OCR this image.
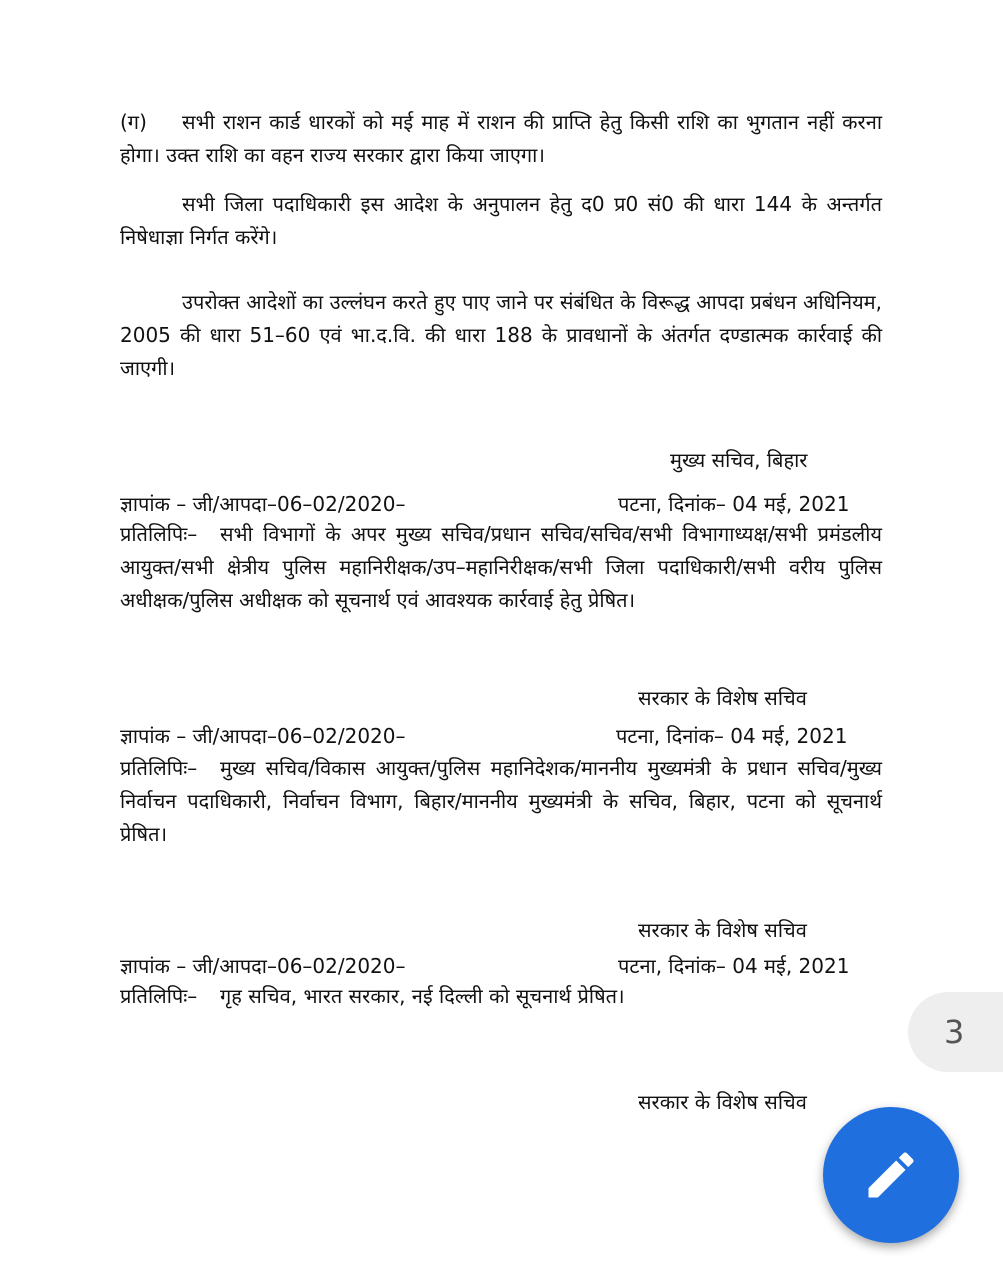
(ग) सभी राशन कार्ड धारकों को मई माह में राशन की प्राप्ति हेतु किसी राशि का भुगतान नहीं करना होगा। उक्त राशि का वहन राज्य सरकार द्वारा किया जाएगा।

सभी जिला पदाधिकारी इस आदेश के अनुपालन हेतु द0 प्र0 सं0 की धारा 144 के अन्तर्गत निषेधाज्ञा निर्गत करेंगे।

उपरोक्त आदेशों का उल्लंघन करते हुए पाए जाने पर संबंधित के विरूद्ध आपदा प्रबंधन अधिनियम, 2005 की धारा 51–60 एवं भा.द.वि. की धारा 188 के प्रावधानों के अंतर्गत दण्डात्मक कार्रवाई की जाएगी।

मुख्य सचिव, बिहार
ज्ञापांक – जी/आपदा–06–02/2020–	पटना, दिनांक– 04 मई, 2021
प्रतिलिपिः–	सभी विभागों के अपर मुख्य सचिव/प्रधान सचिव/सचिव/सभी विभागाध्यक्ष/सभी प्रमंडलीय आयुक्त/सभी क्षेत्रीय पुलिस महानिरीक्षक/उप–महानिरीक्षक/सभी जिला पदाधिकारी/सभी वरीय पुलिस अधीक्षक/पुलिस अधीक्षक को सूचनार्थ एवं आवश्यक कार्रवाई हेतु प्रेषित।

सरकार के विशेष सचिव
ज्ञापांक – जी/आपदा–06–02/2020–	पटना, दिनांक– 04 मई, 2021
प्रतिलिपिः–	मुख्य सचिव/विकास आयुक्त/पुलिस महानिदेशक/माननीय मुख्यमंत्री के प्रधान सचिव/मुख्य निर्वाचन पदाधिकारी, निर्वाचन विभाग, बिहार/माननीय मुख्यमंत्री के सचिव, बिहार, पटना को सूचनार्थ प्रेषित।

सरकार के विशेष सचिव
ज्ञापांक – जी/आपदा–06–02/2020–	पटना, दिनांक– 04 मई, 2021
प्रतिलिपिः–	गृह सचिव, भारत सरकार, नई दिल्ली को सूचनार्थ प्रेषित।

सरकार के विशेष सचिव
3
